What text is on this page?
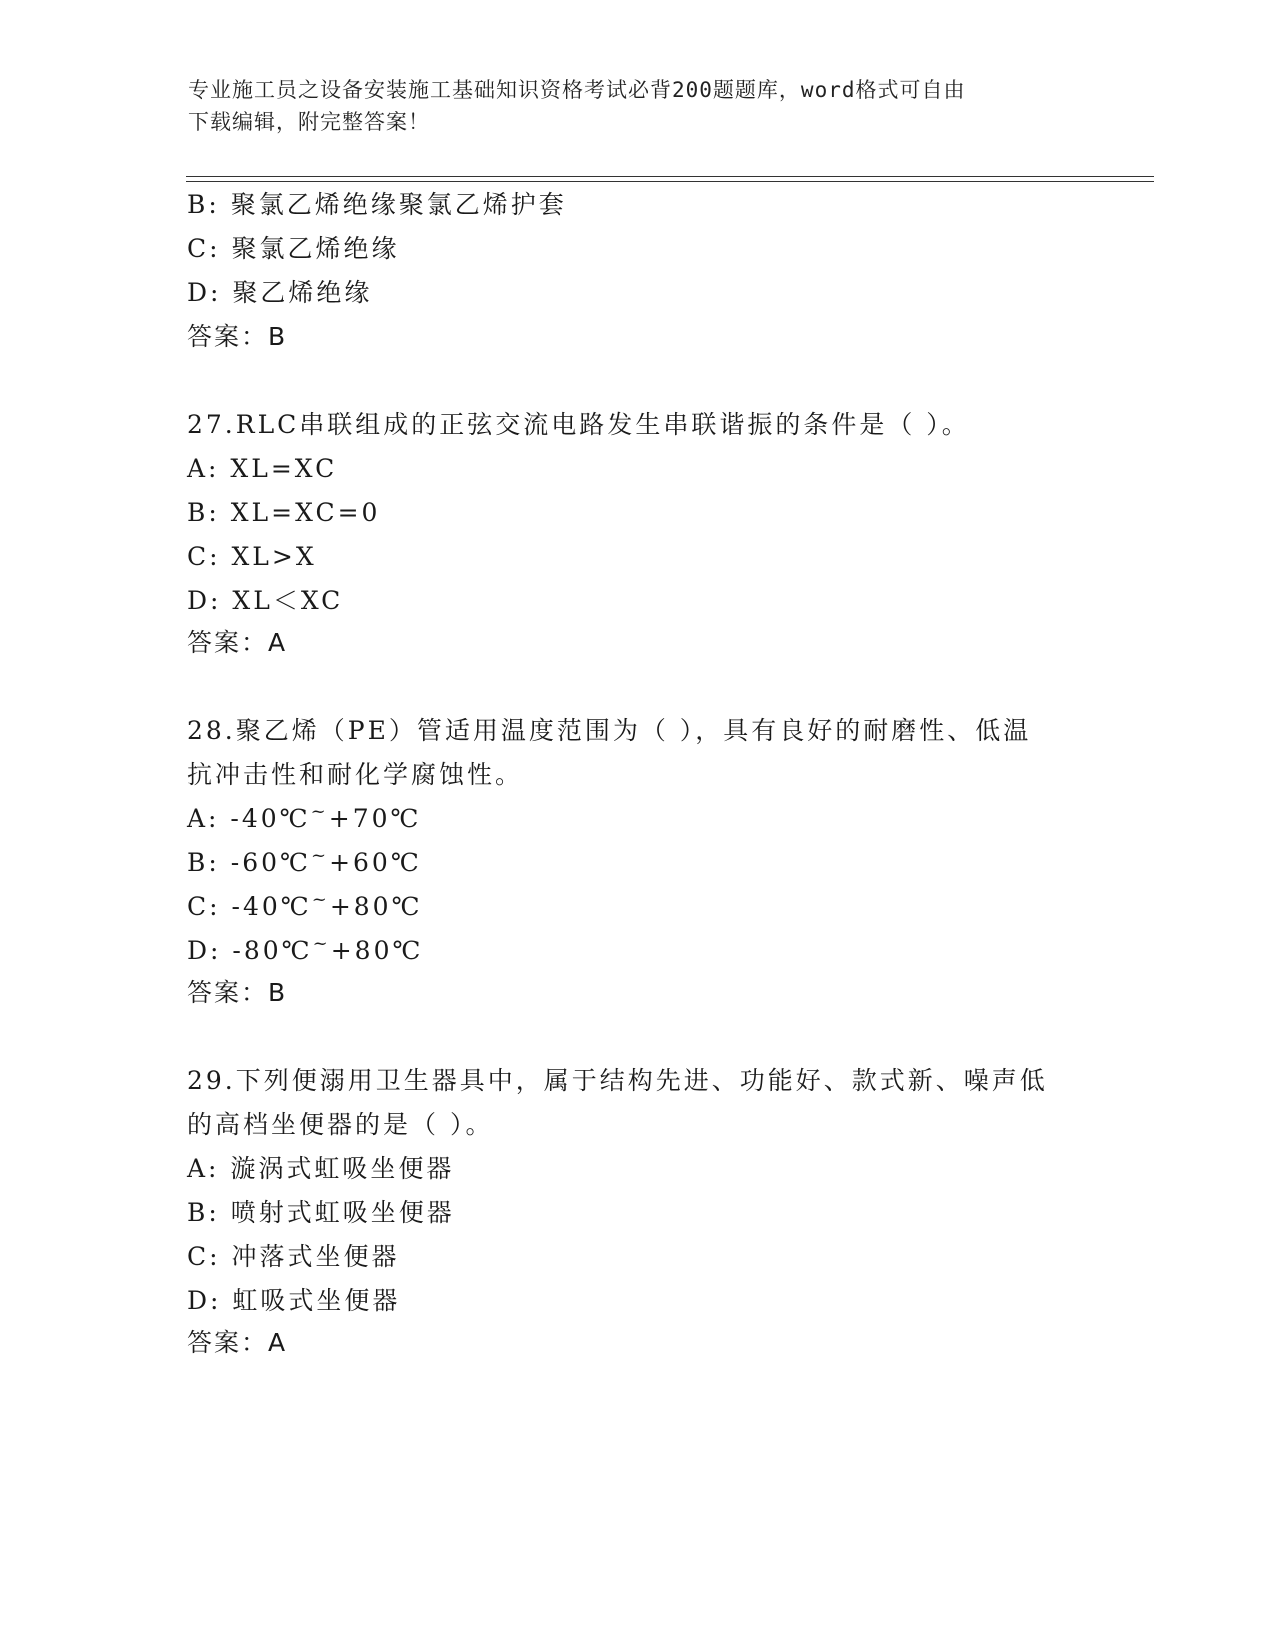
专业施工员之设备安装施工基础知识资格考试必背200题题库，word格式可自由
下载编辑，附完整答案！
B: 聚氯乙烯绝缘聚氯乙烯护套
C: 聚氯乙烯绝缘
D: 聚乙烯绝缘
答案：B
27.RLC串联组成的正弦交流电路发生串联谐振的条件是（ ）。
A: XL=XC
B: XL=XC=0
C: XL>X
D: XL＜XC
答案：A
28.聚乙烯（PE）管适用温度范围为（ ），具有良好的耐磨性、低温
抗冲击性和耐化学腐蚀性。
A: -40℃~+70℃
B: -60℃~+60℃
C: -40℃~+80℃
D: -80℃~+80℃
答案：B
29.下列便溺用卫生器具中，属于结构先进、功能好、款式新、噪声低
的高档坐便器的是（ ）。
A: 漩涡式虹吸坐便器
B: 喷射式虹吸坐便器
C: 冲落式坐便器
D: 虹吸式坐便器
答案：A
